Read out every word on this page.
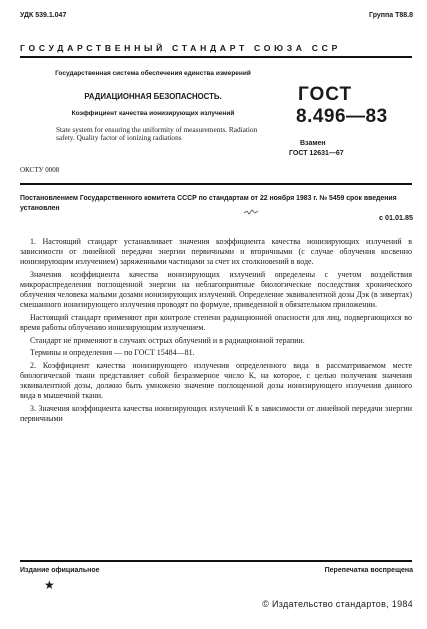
УДК 539.1.047	Группа Т88.8
ГОСУДАРСТВЕННЫЙ СТАНДАРТ СОЮЗА ССР
Государственная система обеспечения единства измерений
РАДИАЦИОННАЯ БЕЗОПАСНОСТЬ.
Коэффициент качества ионизирующих излучений
State system for ensuring the uniformity of measurements. Radiation safety. Quality factor of ionizing radiations
ОКСТУ 0008
ГОСТ
8.496—83
Взамен
ГОСТ 12631—67
Постановлением Государственного комитета СССР по стандартам от 22 ноября 1983 г. № 5459 срок введения установлен
с 01.01.85

1. Настоящий стандарт устанавливает значения коэффициента качества ионизирующих излучений в зависимости от линейной передачи энергии первичными и вторичными (с случае облучения косвенно ионизирующим излучением) заряженными частицами за счет их столкновений в воде.

Значения коэффициента качества ионизирующих излучений определены с учетом воздействия микрораспределения поглощенной энергии на неблагоприятные биологические последствия хронического облучения человека малыми дозами ионизирующих излучений. Определение эквивалентной дозы Дэк (в зивертах) смешанного ионизирующего излучения проводят по формуле, приведенной в обязательном приложении.

Настоящий стандарт применяют при контроле степени радиационной опасности для лиц, подвергающихся во время работы облучению ионизирующим излучением.

Стандарт не применяют в случаях острых облучений и в радиационной терапии.

Термины и определения — по ГОСТ 15484—81.

2. Коэффициент качества ионизирующего излучения определенного вида в рассматриваемом месте биологической ткани представляет собой безразмерное число К, на которое, с целью получения значения эквивалентной дозы, должно быть умножено значение поглощенной дозы ионизирующего излучения данного вида в мышечной ткани.

3. Значения коэффициента качества ионизирующих излучений К в зависимости от линейной передачи энергии первичными

Издание официальное	Перепечатка воспрещена
★
© Издательство стандартов, 1984
